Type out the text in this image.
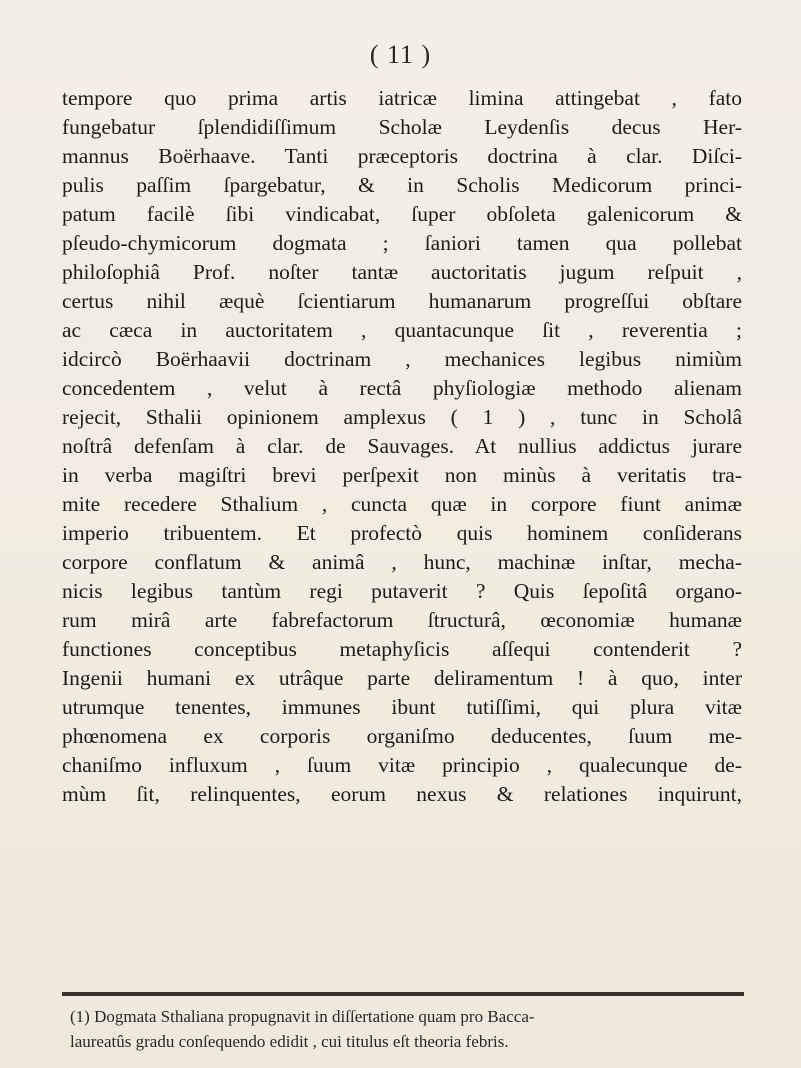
( 11 )
tempore quo prima artis iatricæ limina attingebat , fato
fungebatur ſplendidiſſimum Scholæ Leydenſis decus Her-
mannus Boërhaave. Tanti præceptoris doctrina à clar. Diſci-
pulis paſſim ſpargebatur, & in Scholis Medicorum princi-
patum facilè ſibi vindicabat, ſuper obſoleta galenicorum &
pſeudo-chymicorum dogmata ; ſaniori tamen qua pollebat
philoſophiâ Prof. noſter tantæ auctoritatis jugum reſpuit ,
certus nihil æquè ſcientiarum humanarum progreſſui obſtare
ac cæca in auctoritatem , quantacunque ſit , reverentia ;
idcircò Boërhaavii doctrinam , mechanices legibus nimiùm
concedentem , velut à rectâ phyſiologiæ methodo alienam
rejecit, Sthalii opinionem amplexus ( 1 ) , tunc in Scholâ
noſtrâ defenſam à clar. de Sauvages. At nullius addictus jurare
in verba magiſtri brevi perſpexit non minùs à veritatis tra-
mite recedere Sthalium , cuncta quæ in corpore fiunt animæ
imperio tribuentem. Et profectò quis hominem conſiderans
corpore conflatum & animâ , hunc, machinæ inſtar, mecha-
nicis legibus tantùm regi putaverit ? Quis ſepoſitâ organo-
rum mirâ arte fabrefactorum ſtructurâ, œconomiæ humanæ
functiones conceptibus metaphyſicis aſſequi contenderit ?
Ingenii humani ex utrâque parte deliramentum ! à quo, inter
utrumque tenentes, immunes ibunt tutiſſimi, qui plura vitæ
phœnomena ex corporis organiſmo deducentes, ſuum me-
chaniſmo influxum , ſuum vitæ principio , qualecunque de-
mùm ſit, relinquentes, eorum nexus & relationes inquirunt,
(1) Dogmata Sthaliana propugnavit in diſſertatione quam pro Bacca-
laureatûs gradu conſequendo edidit , cui titulus eſt theoria febris.
